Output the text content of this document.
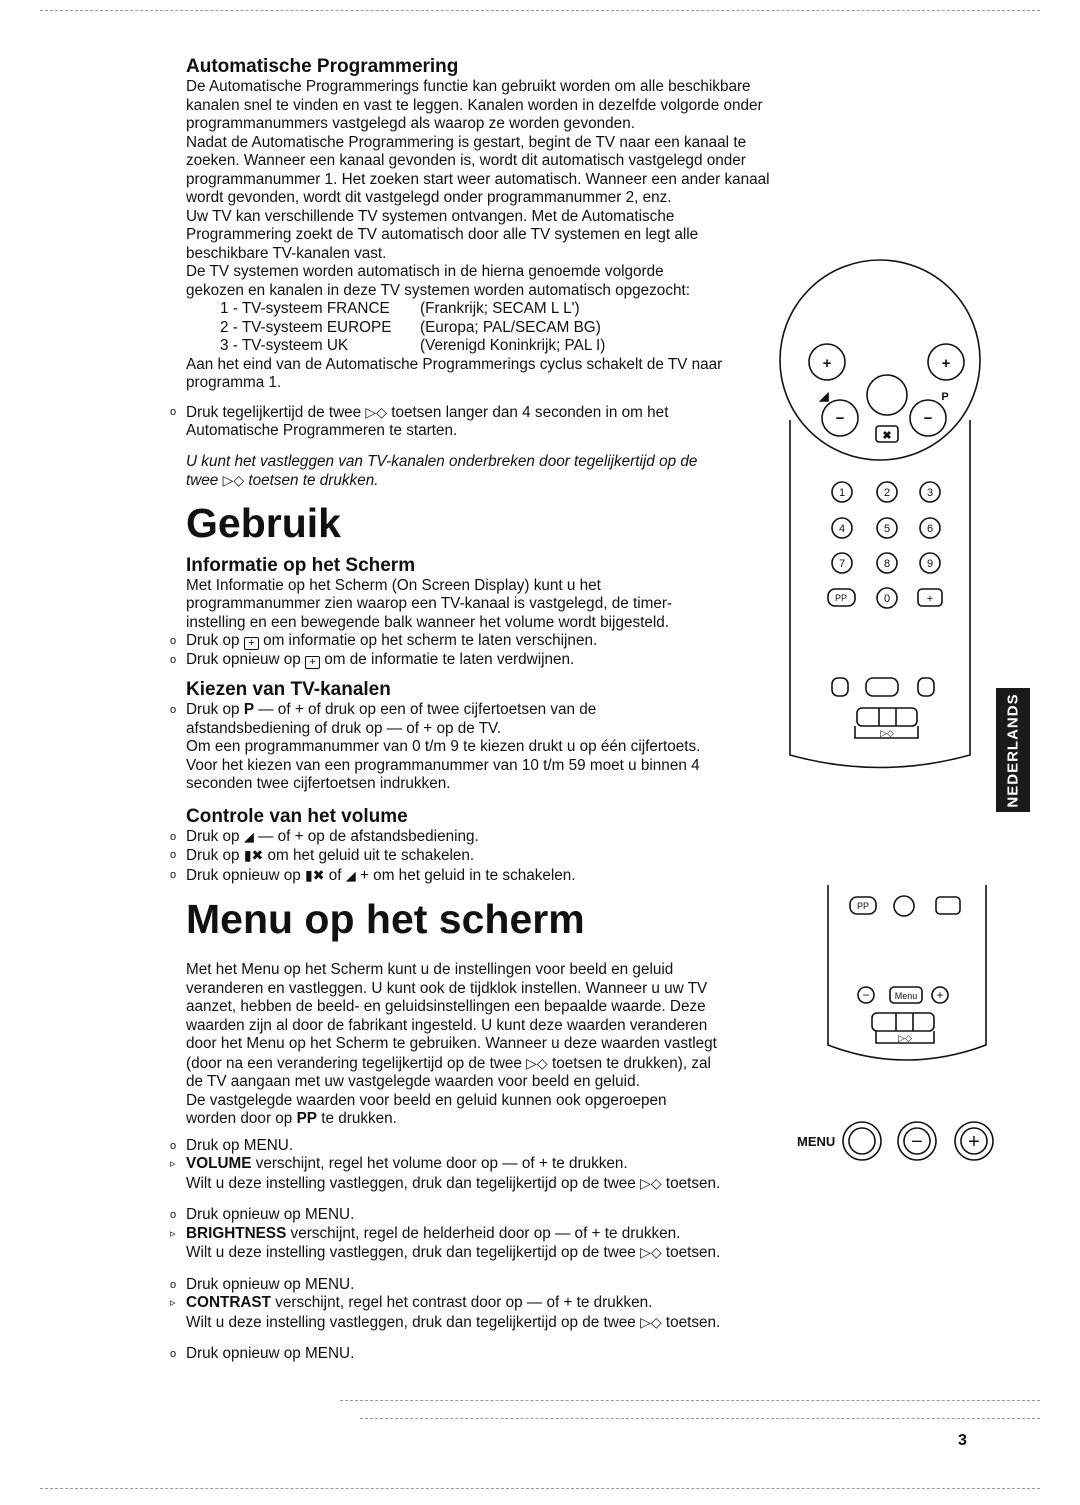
Automatische Programmering

De Automatische Programmerings functie kan gebruikt worden om alle beschikbare

kanalen snel te vinden en vast te leggen. Kanalen worden in dezelfde volgorde onder

programmanummers vastgelegd als waarop ze worden gevonden.

Nadat de Automatische Programmering is gestart, begint de TV naar een kanaal te

zoeken. Wanneer een kanaal gevonden is, wordt dit automatisch vastgelegd onder

programmanummer 1. Het zoeken start weer automatisch. Wanneer een ander kanaal

wordt gevonden, wordt dit vastgelegd onder programmanummer 2, enz.

Uw TV kan verschillende TV systemen ontvangen. Met de Automatische

Programmering zoekt de TV automatisch door alle TV systemen en legt alle

beschikbare TV-kanalen vast.

De TV systemen worden automatisch in de hierna genoemde volgorde

gekozen en kanalen in deze TV systemen worden automatisch opgezocht:

1 - TV-systeem FRANCE	(Frankrijk; SECAM L L')
2 - TV-systeem EUROPE	(Europa; PAL/SECAM BG)
3 - TV-systeem UK	(Verenigd Koninkrijk; PAL I)

Aan het eind van de Automatische Programmerings cyclus schakelt de TV naar

programma 1.

o Druk tegelijkertijd de twee ▷◇ toetsen langer dan 4 seconden in om het

Automatische Programmeren te starten.

U kunt het vastleggen van TV-kanalen onderbreken door tegelijkertijd op de

twee ▷◇ toetsen te drukken.

Gebruik

Informatie op het Scherm

Met Informatie op het Scherm (On Screen Display) kunt u het

programmanummer zien waarop een TV-kanaal is vastgelegd, de timer-

instelling en een bewegende balk wanneer het volume wordt bijgesteld.

o Druk op + om informatie op het scherm te laten verschijnen.
o Druk opnieuw op + om de informatie te laten verdwijnen.

Kiezen van TV-kanalen

o Druk op P — of + of druk op een of twee cijfertoetsen van de

afstandsbediening of druk op — of + op de TV.

Om een programmanummer van 0 t/m 9 te kiezen drukt u op één cijfertoets.

Voor het kiezen van een programmanummer van 10 t/m 59 moet u binnen 4

seconden twee cijfertoetsen indrukken.

Controle van het volume

o Druk op ◢ — of + op de afstandsbediening.
o Druk op ▮✖ om het geluid uit te schakelen.
o Druk opnieuw op ▮✖ of ◢ + om het geluid in te schakelen.

Menu op het scherm

Met het Menu op het Scherm kunt u de instellingen voor beeld en geluid

veranderen en vastleggen. U kunt ook de tijdklok instellen. Wanneer u uw TV

aanzet, hebben de beeld- en geluidsinstellingen een bepaalde waarde. Deze

waarden zijn al door de fabrikant ingesteld. U kunt deze waarden veranderen

door het Menu op het Scherm te gebruiken. Wanneer u deze waarden vastlegt

(door na een verandering tegelijkertijd op de twee ▷◇ toetsen te drukken), zal

de TV aangaan met uw vastgelegde waarden voor beeld en geluid.

De vastgelegde waarden voor beeld en geluid kunnen ook opgeroepen

worden door op PP te drukken.

o Druk op MENU.
▹ VOLUME verschijnt, regel het volume door op — of + te drukken.

Wilt u deze instelling vastleggen, druk dan tegelijkertijd op de twee ▷◇ toetsen.

o Druk opnieuw op MENU.
▹ BRIGHTNESS verschijnt, regel de helderheid door op — of + te drukken.

Wilt u deze instelling vastleggen, druk dan tegelijkertijd op de twee ▷◇ toetsen.

o Druk opnieuw op MENU.
▹ CONTRAST verschijnt, regel het contrast door op — of + te drukken.

Wilt u deze instelling vastleggen, druk dan tegelijkertijd op de twee ▷◇ toetsen.

o Druk opnieuw op MENU.
+	+
−	−
◢	P
✖
1	2	3
4	5	6
7	8	9
PP	0	+
▷◇
PP
Menu
−	+
▷◇
MENU	− +
NEDERLANDS
3
